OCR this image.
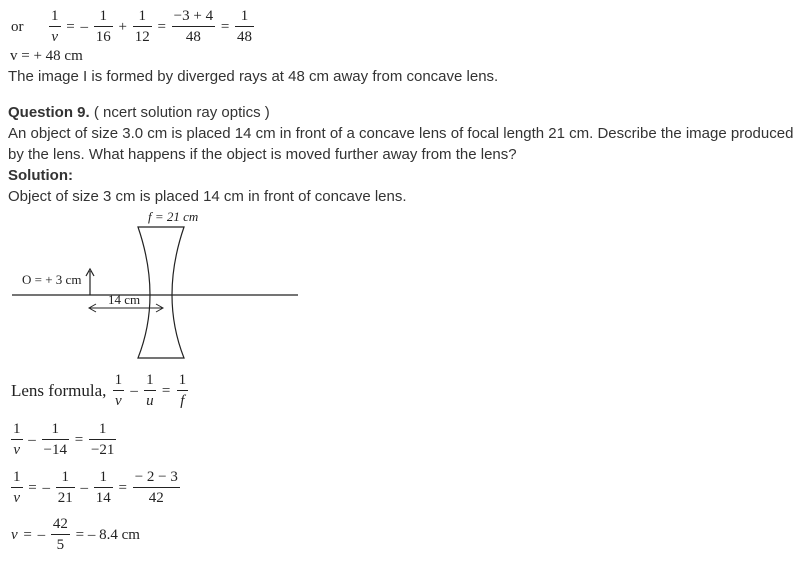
or $\frac{1}{v}$ = – $\frac{1}{16} + \frac{1}{12} = \frac{-3 + 4}{48} = \frac{1}{48}$
v = + 48 cm
The image I is formed by diverged rays at 48 cm away from concave lens.
Question 9. ( ncert solution ray optics )
An object of size 3.0 cm is placed 14 cm in front of a concave lens of focal length 21 cm. Describe the image produced
by the lens. What happens if the object is moved further away from the lens?
Solution:
Object of size 3 cm is placed 14 cm in front of concave lens.
f = 21 cm
O = + 3 cm
14 cm
Lens formula, $\frac{1}{v} - \frac{1}{u} = \frac{1}{f}$
$\frac{1}{v} - \frac{1}{-14} = \frac{1}{-21}$
$\frac{1}{v}$ = – $\frac{1}{21} - \frac{1}{14} = \frac{- 2 - 3}{42}$
v = – $\frac{42}{5}$ = – 8.4 cm
